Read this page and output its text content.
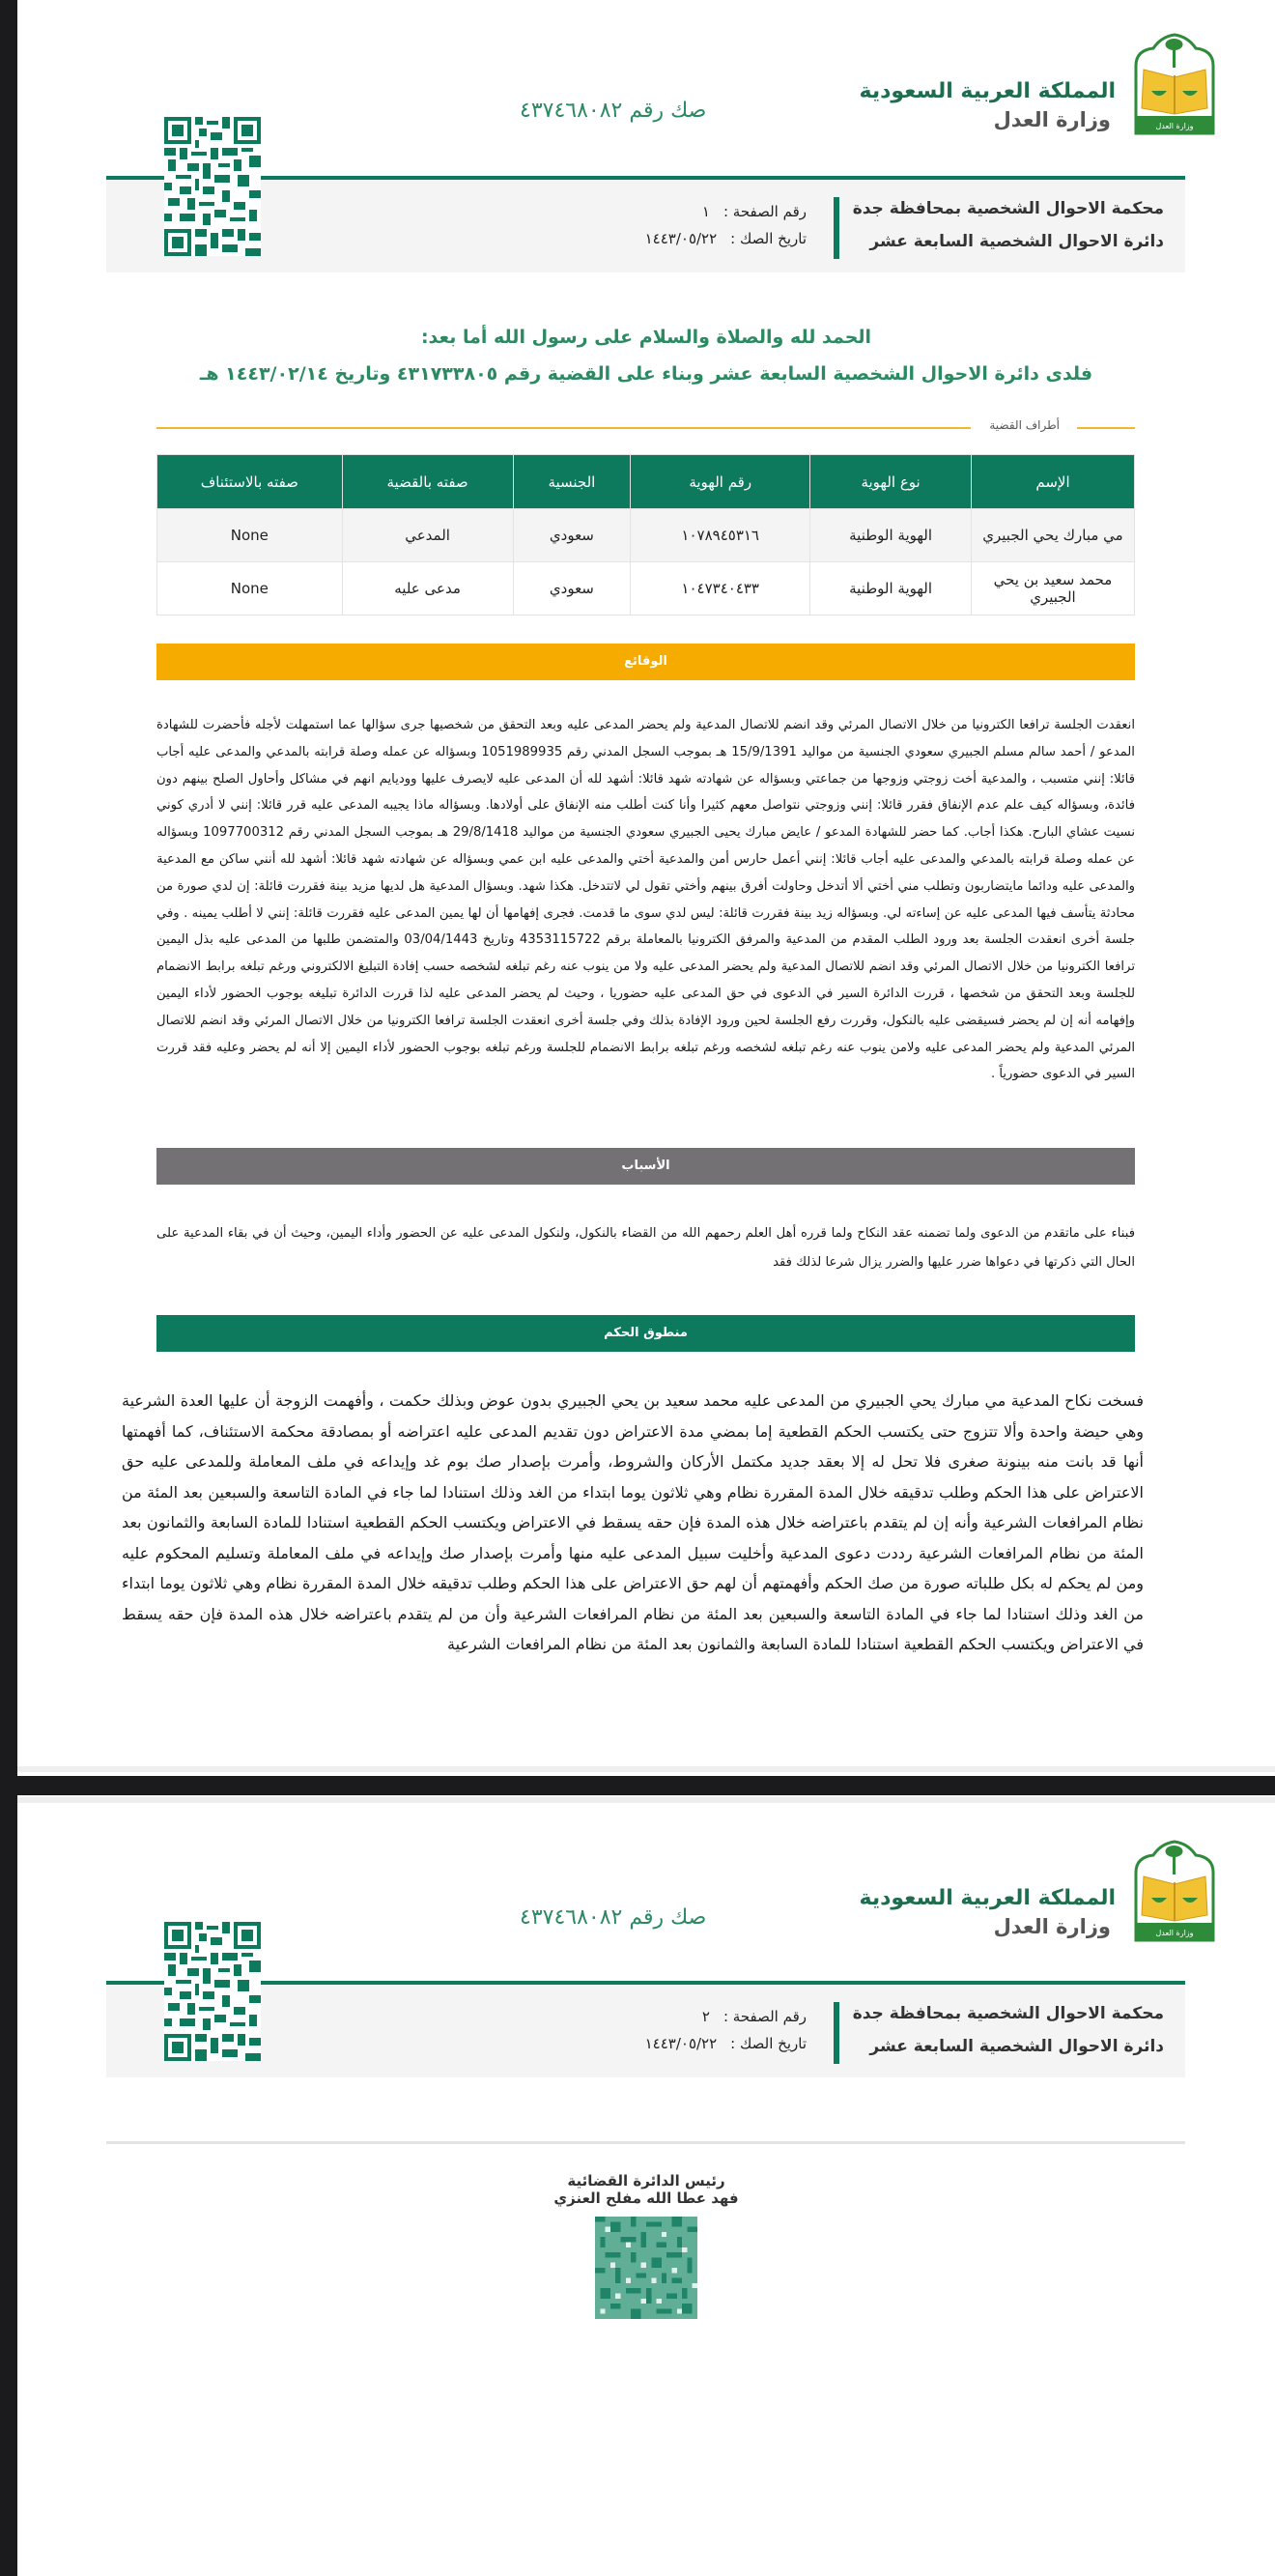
وزارة العدل
المملكة العربية السعودية
وزارة العدل
صك رقم ٤٣٧٤٦٨٠٨٢
محكمة الاحوال الشخصية بمحافظة جدة
دائرة الاحوال الشخصية السابعة عشر
رقم الصفحة :
١
تاريخ الصك :
١٤٤٣/٠٥/٢٢
الحمد لله والصلاة والسلام على رسول الله أما بعد:
فلدى دائرة الاحوال الشخصية السابعة عشر وبناء على القضية رقم ٤٣١٧٣٣٨٠٥ وتاريخ ١٤٤٣/٠٢/١٤ هـ
أطراف القضية
الإسم	نوع الهوية	رقم الهوية	الجنسية	صفته بالقضية	صفته بالاستئناف
مي مبارك يحي الجبيري	الهوية الوطنية	١٠٧٨٩٤٥٣١٦	سعودي	المدعي	None
محمد سعيد بن يحي الجبيري	الهوية الوطنية	١٠٤٧٣٤٠٤٣٣	سعودي	مدعى عليه	None
الوقائع
انعقدت الجلسة ترافعا الكترونيا من خلال الاتصال المرئي وقد انضم للاتصال المدعية ولم يحضر المدعى عليه وبعد التحقق من شخصيها جرى سؤالها عما استمهلت لأجله فأحضرت للشهادة المدعو / أحمد سالم مسلم الجبيري سعودي الجنسية من مواليد 15/9/1391 هـ بموجب السجل المدني رقم 1051989935 وبسؤاله عن عمله وصلة قرابته بالمدعي والمدعى عليه أجاب قائلا: إنني متسبب ، والمدعية أخت زوجتي وزوجها من جماعتي وبسؤاله عن شهادته شهد قائلا: أشهد لله أن المدعى عليه لايصرف عليها ووديايم انهم في مشاكل وأحاول الصلح بينهم دون فائدة، وبسؤاله كيف علم عدم الإنفاق فقرر قائلا: إنني وزوجتي نتواصل معهم كثيرا وأنا كنت أطلب منه الإنفاق على أولادها. وبسؤاله ماذا يجيبه المدعى عليه قرر قائلا: إنني لا أدري كوني نسيت عشاي البارح. هكذا أجاب. كما حضر للشهادة المدعو / عايض مبارك يحيى الجبيري سعودي الجنسية من مواليد 29/8/1418 هـ بموجب السجل المدني رقم 1097700312 وبسؤاله عن عمله وصلة قرابته بالمدعي والمدعى عليه أجاب قائلا: إنني أعمل حارس أمن والمدعية أختي والمدعى عليه ابن عمي وبسؤاله عن شهادته شهد قائلا: أشهد لله أنني ساكن مع المدعية والمدعى عليه ودائما مايتضاربون وتطلب مني أختي ألا أتدخل وحاولت أفرق بينهم وأختي تقول لي لاتتدخل. هكذا شهد. وبسؤال المدعية هل لديها مزيد بينة فقررت قائلة: إن لدي صورة من محادثة يتأسف فيها المدعى عليه عن إساءته لي. وبسؤاله زيد بينة فقررت قائلة: ليس لدي سوى ما قدمت. فجرى إفهامها أن لها يمين المدعى عليه فقررت قائلة: إنني لا أطلب يمينه . وفي جلسة أخرى انعقدت الجلسة بعد ورود الطلب المقدم من المدعية والمرفق الكترونيا بالمعاملة برقم 4353115722 وتاريخ 03/04/1443 والمتضمن طلبها من المدعى عليه بذل اليمين ترافعا الكترونيا من خلال الاتصال المرئي وقد انضم للاتصال المدعية ولم يحضر المدعى عليه ولا من ينوب عنه رغم تبلغه لشخصه حسب إفادة التبليغ الالكتروني ورغم تبلغه برابط الانضمام للجلسة وبعد التحقق من شخصها ، قررت الدائرة السير في الدعوى في حق المدعى عليه حضوريا ، وحيث لم يحضر المدعى عليه لذا قررت الدائرة تبليغه بوجوب الحضور لأداء اليمين وإفهامه أنه إن لم يحضر فسيقضى عليه بالنكول، وقررت رفع الجلسة لحين ورود الإفادة بذلك وفي جلسة أخرى انعقدت الجلسة ترافعا الكترونيا من خلال الاتصال المرئي وقد انضم للاتصال المرئي المدعية ولم يحضر المدعى عليه ولامن ينوب عنه رغم تبلغه لشخصه ورغم تبلغه برابط الانضمام للجلسة ورغم تبلغه بوجوب الحضور لأداء اليمين إلا أنه لم يحضر وعليه فقد قررت السير في الدعوى حضورياً .
الأسباب
فبناء على ماتقدم من الدعوى ولما تضمنه عقد النكاح ولما قرره أهل العلم رحمهم الله من القضاء بالنكول، ولنكول المدعى عليه عن الحضور وأداء اليمين، وحيث أن في بقاء المدعية على الحال التي ذكرتها في دعواها ضرر عليها والضرر يزال شرعا لذلك فقد
منطوق الحكم
فسخت نكاح المدعية مي مبارك يحي الجبيري من المدعى عليه محمد سعيد بن يحي الجبيري بدون عوض وبذلك حكمت ، وأفهمت الزوجة أن عليها العدة الشرعية وهي حيضة واحدة وألا تتزوج حتى يكتسب الحكم القطعية إما بمضي مدة الاعتراض دون تقديم المدعى عليه اعتراضه أو بمصادقة محكمة الاستئناف، كما أفهمتها أنها قد بانت منه بينونة صغرى فلا تحل له إلا بعقد جديد مكتمل الأركان والشروط، وأمرت بإصدار صك بوم غد وإيداعه في ملف المعاملة وللمدعى عليه حق الاعتراض على هذا الحكم وطلب تدقيقه خلال المدة المقررة نظام وهي ثلاثون يوما ابتداء من الغد وذلك استنادا لما جاء في المادة التاسعة والسبعين بعد المئة من نظام المرافعات الشرعية وأنه إن لم يتقدم باعتراضه خلال هذه المدة فإن حقه يسقط في الاعتراض ويكتسب الحكم القطعية استنادا للمادة السابعة والثمانون بعد المئة من نظام المرافعات الشرعية رددت دعوى المدعية وأخليت سبيل المدعى عليه منها وأمرت بإصدار صك وإيداعه في ملف المعاملة وتسليم المحكوم عليه ومن لم يحكم له بكل طلباته صورة من صك الحكم وأفهمتهم أن لهم حق الاعتراض على هذا الحكم وطلب تدقيقه خلال المدة المقررة نظام وهي ثلاثون يوما ابتداء من الغد وذلك استنادا لما جاء في المادة التاسعة والسبعين بعد المئة من نظام المرافعات الشرعية وأن من لم يتقدم باعتراضه خلال هذه المدة فإن حقه يسقط في الاعتراض ويكتسب الحكم القطعية استنادا للمادة السابعة والثمانون بعد المئة من نظام المرافعات الشرعية
وزارة العدل
المملكة العربية السعودية
وزارة العدل
صك رقم ٤٣٧٤٦٨٠٨٢
محكمة الاحوال الشخصية بمحافظة جدة
دائرة الاحوال الشخصية السابعة عشر
رقم الصفحة :
٢
تاريخ الصك :
١٤٤٣/٠٥/٢٢
رئيس الدائرة القضائية
فهد عطا الله مفلح العنزي
